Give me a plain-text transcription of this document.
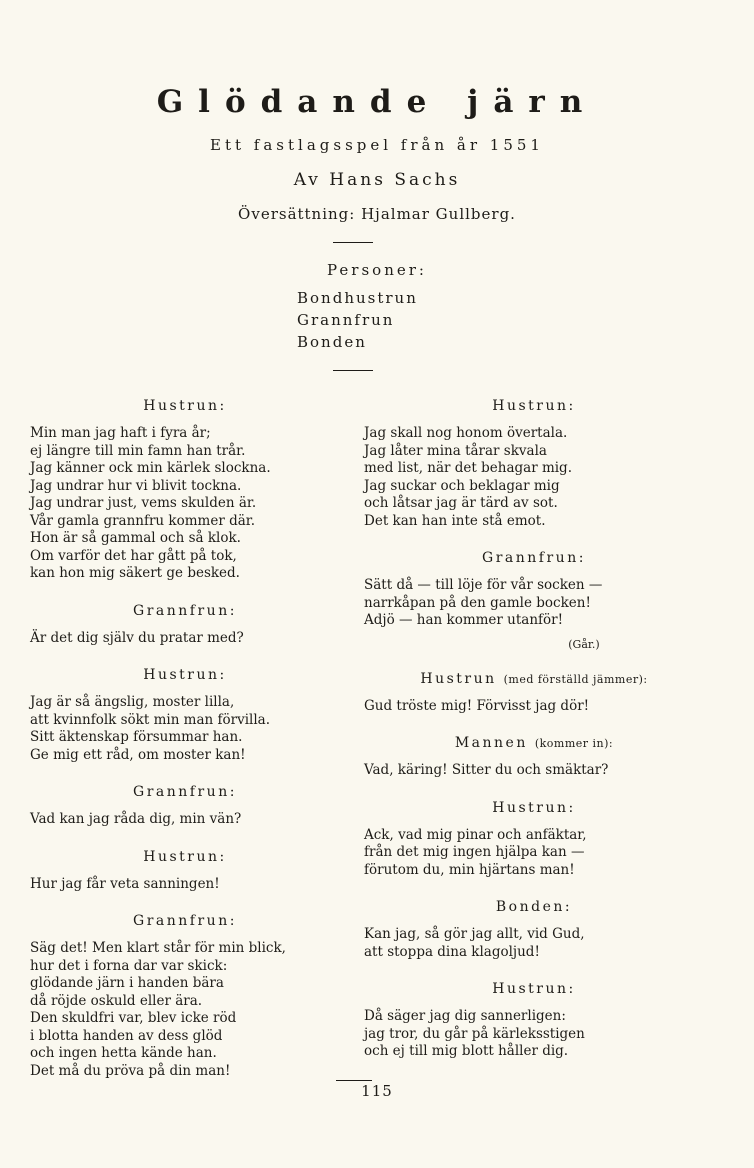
Glödande järn
Ett fastlagsspel från år 1551
Av Hans Sachs
Översättning: Hjalmar Gullberg.
Personer:
Bondhustrun
Grannfrun
Bonden
Hustrun:
Min man jag haft i fyra år;
ej längre till min famn han trår.
Jag känner ock min kärlek slocknа.
Jag undrar hur vi blivit tockna.
Jag undrar just, vems skulden är.
Vår gamla grannfru kommer där.
Hon är så gammal och så klok.
Om varför det har gått på tok,
kan hon mig säkert ge besked.
Grannfrun:
Är det dig själv du pratar med?
Hustrun:
Jag är så ängslig, moster lilla,
att kvinnfolk sökt min man förvilla.
Sitt äktenskap försummar han.
Ge mig ett råd, om moster kan!
Grannfrun:
Vad kan jag råda dig, min vän?
Hustrun:
Hur jag får veta sanningen!
Grannfrun:
Säg det! Men klart står för min blick,
hur det i forna dar var skick:
glödande järn i handen bära
då röjde oskuld eller ära.
Den skuldfri var, blev icke röd
i blotta handen av dess glöd
och ingen hetta kände han.
Det må du pröva på din man!
Hustrun:
Jag skall nog honom övertala.
Jag låter mina tårar skvala
med list, när det behagar mig.
Jag suckar och beklagar mig
och låtsar jag är tärd av sot.
Det kan han inte stå emot.
Grannfrun:
Sätt då — till löje för vår socken —
narrkåpan på den gamle bocken!
Adjö — han kommer utanför!
(Går.)
Hustrun (med förställd jämmer):
Gud tröste mig! Förvisst jag dör!
Mannen (kommer in):
Vad, käring! Sitter du och smäktar?
Hustrun:
Ack, vad mig pinar och anfäktar,
från det mig ingen hjälpa kan —
förutom du, min hjärtans man!
Bonden:
Kan jag, så gör jag allt, vid Gud,
att stoppa dina klagoljud!
Hustrun:
Då säger jag dig sannerligen:
jag tror, du går på kärleksstigen
och ej till mig blott håller dig.
115
